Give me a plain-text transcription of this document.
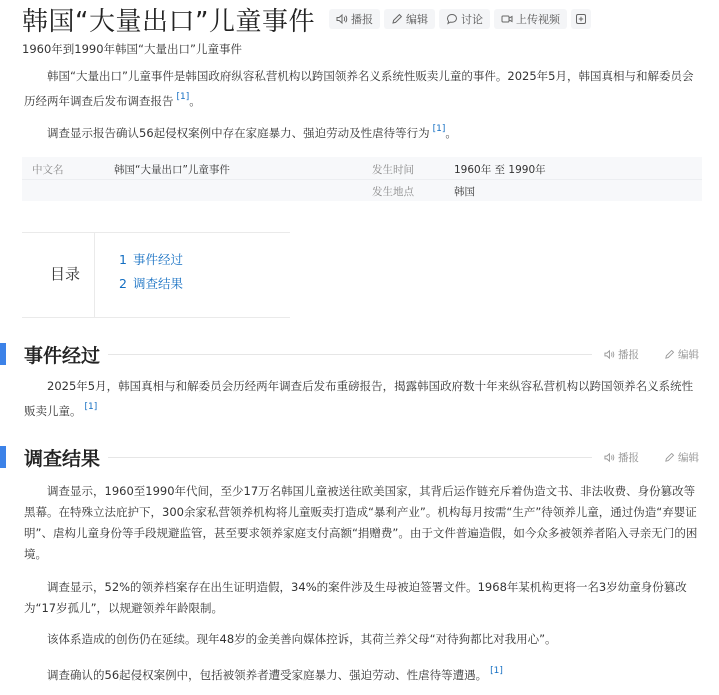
韩国“大量出口”儿童事件	播报	编辑	讨论	上传视频
1960年到1990年韩国“大量出口”儿童事件

韩国“大量出口”儿童事件是韩国政府纵容私营机构以跨国领养名义系统性贩卖儿童的事件。2025年5月，韩国真相与和解委员会历经两年调查后发布调查报告 [1]。

调查显示报告确认56起侵权案例中存在家庭暴力、强迫劳动及性虐待等行为 [1]。

中文名	韩国“大量出口”儿童事件	发生时间	1960年 至 1990年
发生地点	韩国
目录
1 事件经过
2 调查结果
事件经过	播报	编辑

2025年5月，韩国真相与和解委员会历经两年调查后发布重磅报告，揭露韩国政府数十年来纵容私营机构以跨国领养名义系统性贩卖儿童。 [1]

调查结果	播报	编辑

调查显示，1960至1990年代间，至少17万名韩国儿童被送往欧美国家，其背后运作链充斥着伪造文书、非法收费、身份篡改等黑幕。在特殊立法庇护下，300余家私营领养机构将儿童贩卖打造成“暴利产业”。机构每月按需“生产”待领养儿童，通过伪造“弃婴证明”、虐构儿童身份等手段规避监管，甚至要求领养家庭支付高额“捐赠费”。由于文件普遍造假，如今众多被领养者陷入寻亲无门的困境。

调查显示，52%的领养档案存在出生证明造假，34%的案件涉及生母被迫签署文件。1968年某机构更将一名3岁幼童身份篡改为“17岁孤儿”，以规避领养年龄限制。

该体系造成的创伤仍在延续。现年48岁的金美善向媒体控诉，其荷兰养父母“对待狗都比对我用心”。

调查确认的56起侵权案例中，包括被领养者遭受家庭暴力、强迫劳动、性虐待等遭遇。 [1]
